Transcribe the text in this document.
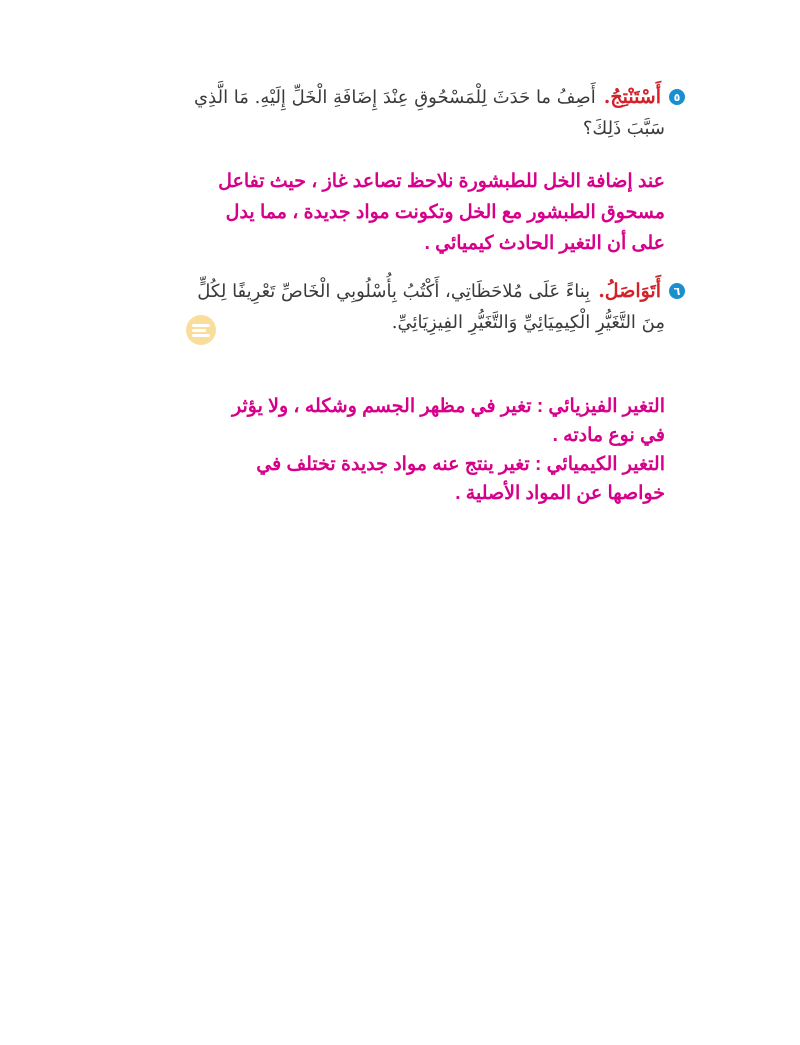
٥
أَسْتَنْتِجُ.
أَصِفُ ما حَدَثَ لِلْمَسْحُوقِ عِنْدَ إِضَافَةِ الْخَلِّ إِلَيْهِ. مَا الَّذِي
سَبَّبَ ذَلِكَ؟
عند إضافة الخل للطبشورة نلاحظ تصاعد غاز ، حيث تفاعل
مسحوق الطبشور مع الخل وتكونت مواد جديدة ، مما يدل
على أن التغير الحادث كيميائي .
٦
أَتَوَاصَلُ.
بِناءً عَلَى مُلاحَظَاتِي، أَكْتُبُ بِأُسْلُوبِي الْخَاصِّ تَعْرِيفًا لِكُلٍّ
مِنَ التَّغَيُّرِ الْكِيمِيَائِيِّ وَالتَّغَيُّرِ الفِيزِيَائِيِّ.
التغير الفيزيائي : تغير في مظهر الجسم وشكله ، ولا يؤثر
في نوع مادته .
التغير الكيميائي : تغير ينتج عنه مواد جديدة تختلف في
خواصها عن المواد الأصلية .
